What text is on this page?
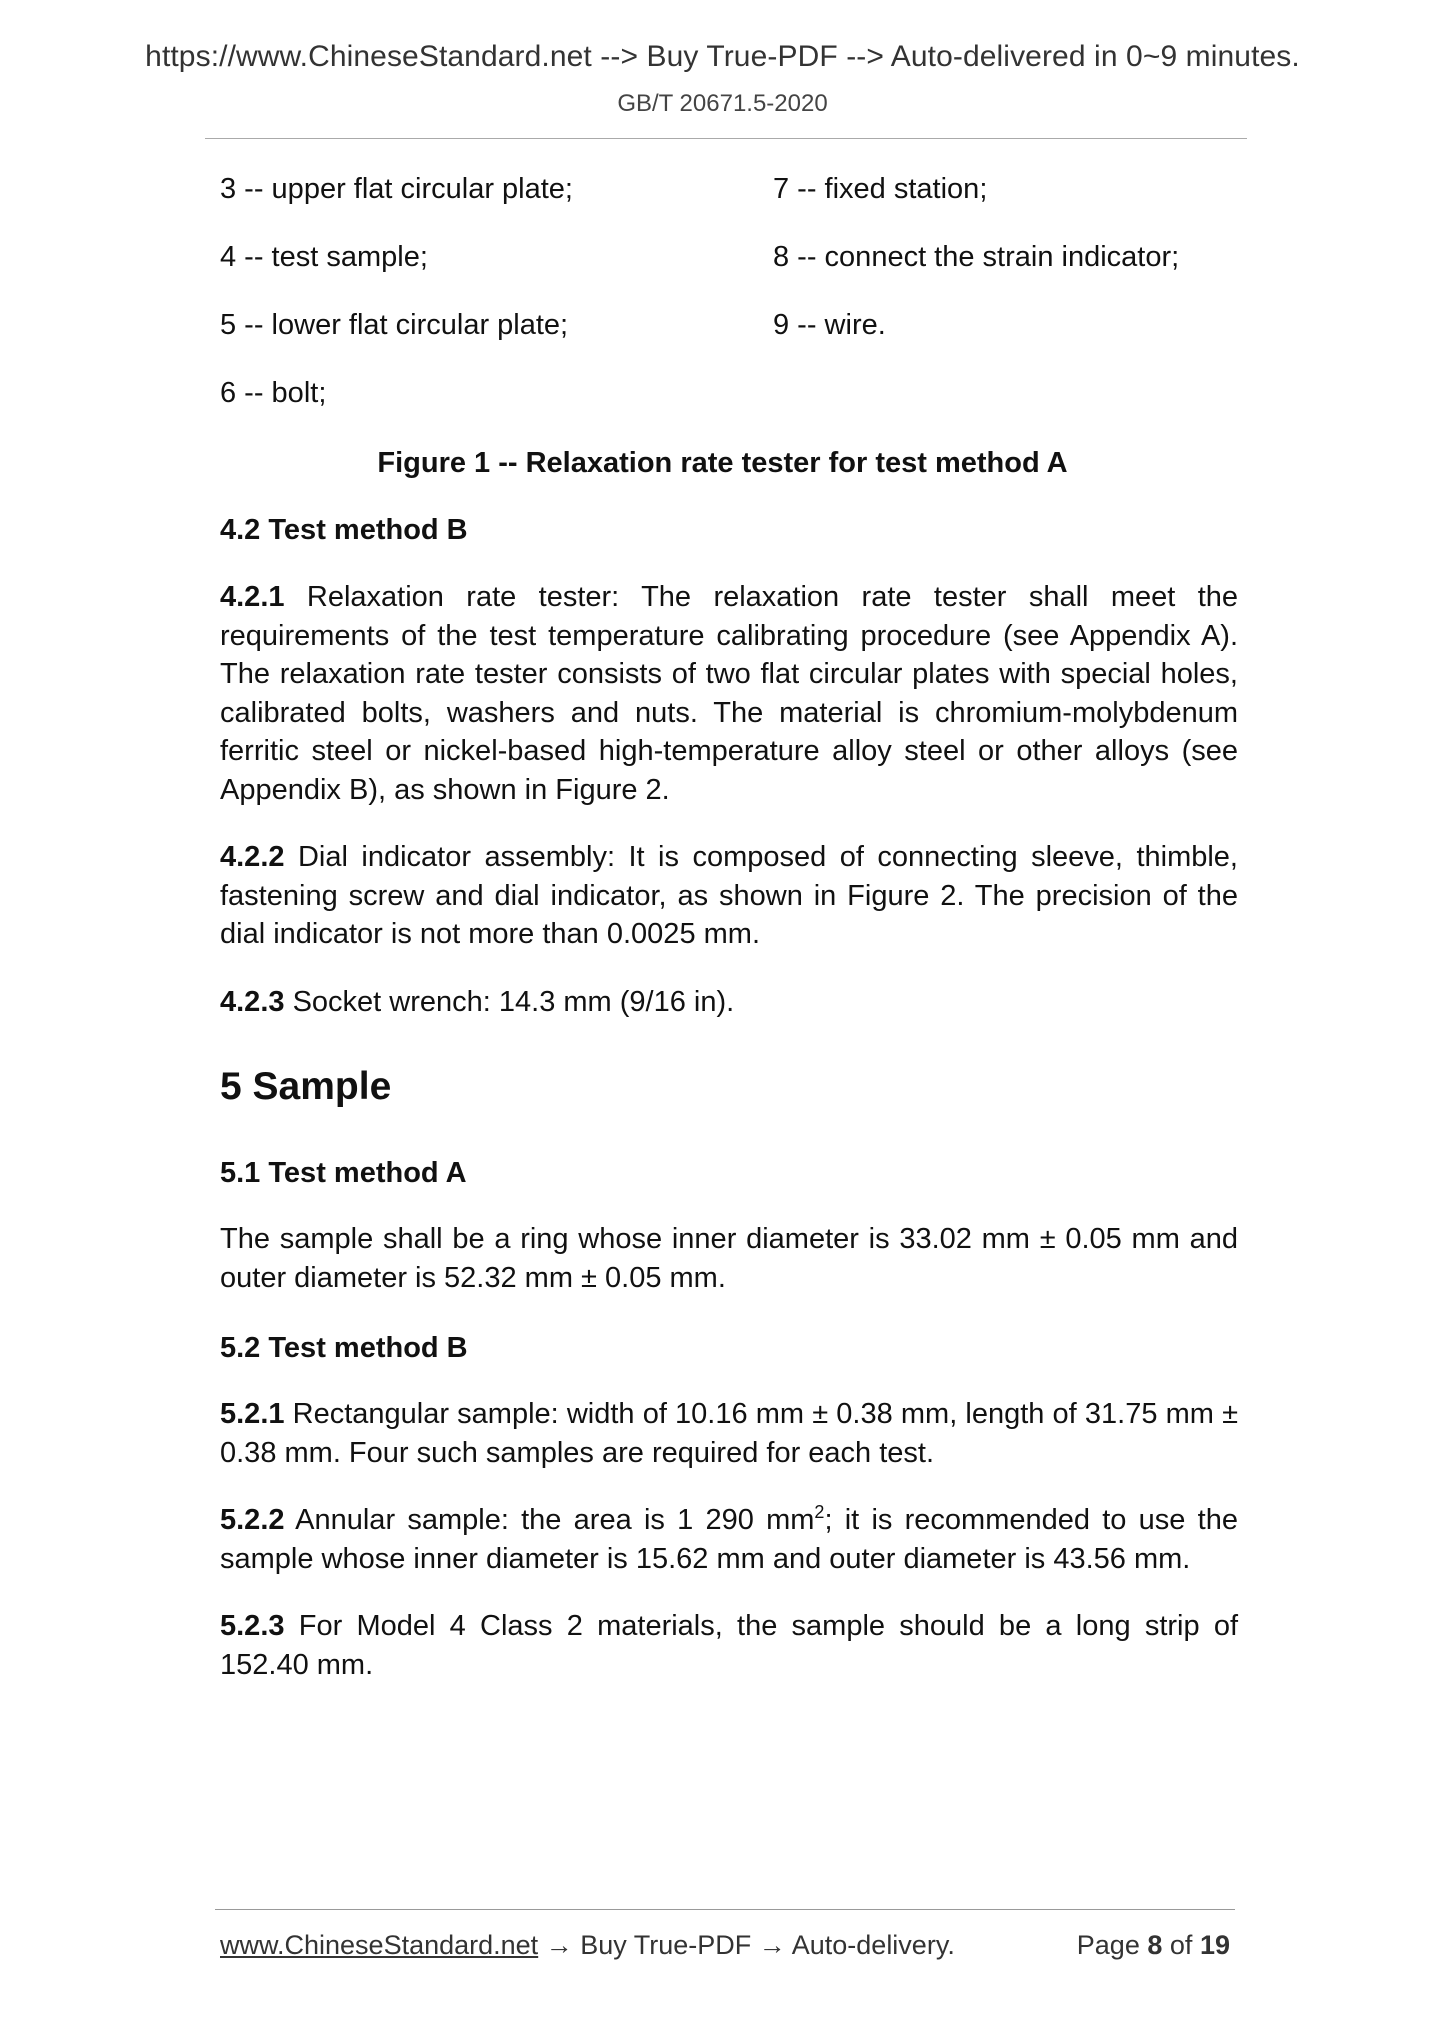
https://www.ChineseStandard.net --> Buy True-PDF --> Auto-delivered in 0~9 minutes.
GB/T 20671.5-2020
3 -- upper flat circular plate;	7 -- fixed station;
4 -- test sample;	8 -- connect the strain indicator;
5 -- lower flat circular plate;	9 -- wire.
6 -- bolt;
Figure 1 -- Relaxation rate tester for test method A
4.2 Test method B

4.2.1 Relaxation rate tester: The relaxation rate tester shall meet the requirements of the test temperature calibrating procedure (see Appendix A). The relaxation rate tester consists of two flat circular plates with special holes, calibrated bolts, washers and nuts. The material is chromium-molybdenum ferritic steel or nickel-based high-temperature alloy steel or other alloys (see Appendix B), as shown in Figure 2.

4.2.2 Dial indicator assembly: It is composed of connecting sleeve, thimble, fastening screw and dial indicator, as shown in Figure 2. The precision of the dial indicator is not more than 0.0025 mm.

4.2.3 Socket wrench: 14.3 mm (9/16 in).

5 Sample
5.1 Test method A

The sample shall be a ring whose inner diameter is 33.02 mm ± 0.05 mm and outer diameter is 52.32 mm ± 0.05 mm.

5.2 Test method B

5.2.1 Rectangular sample: width of 10.16 mm ± 0.38 mm, length of 31.75 mm ± 0.38 mm. Four such samples are required for each test.

5.2.2 Annular sample: the area is 1 290 $mm^2$; it is recommended to use the sample whose inner diameter is 15.62 mm and outer diameter is 43.56 mm.

5.2.3 For Model 4 Class 2 materials, the sample should be a long strip of 152.40 mm.

www.ChineseStandard.net → Buy True-PDF → Auto-delivery.	Page 8 of 19
